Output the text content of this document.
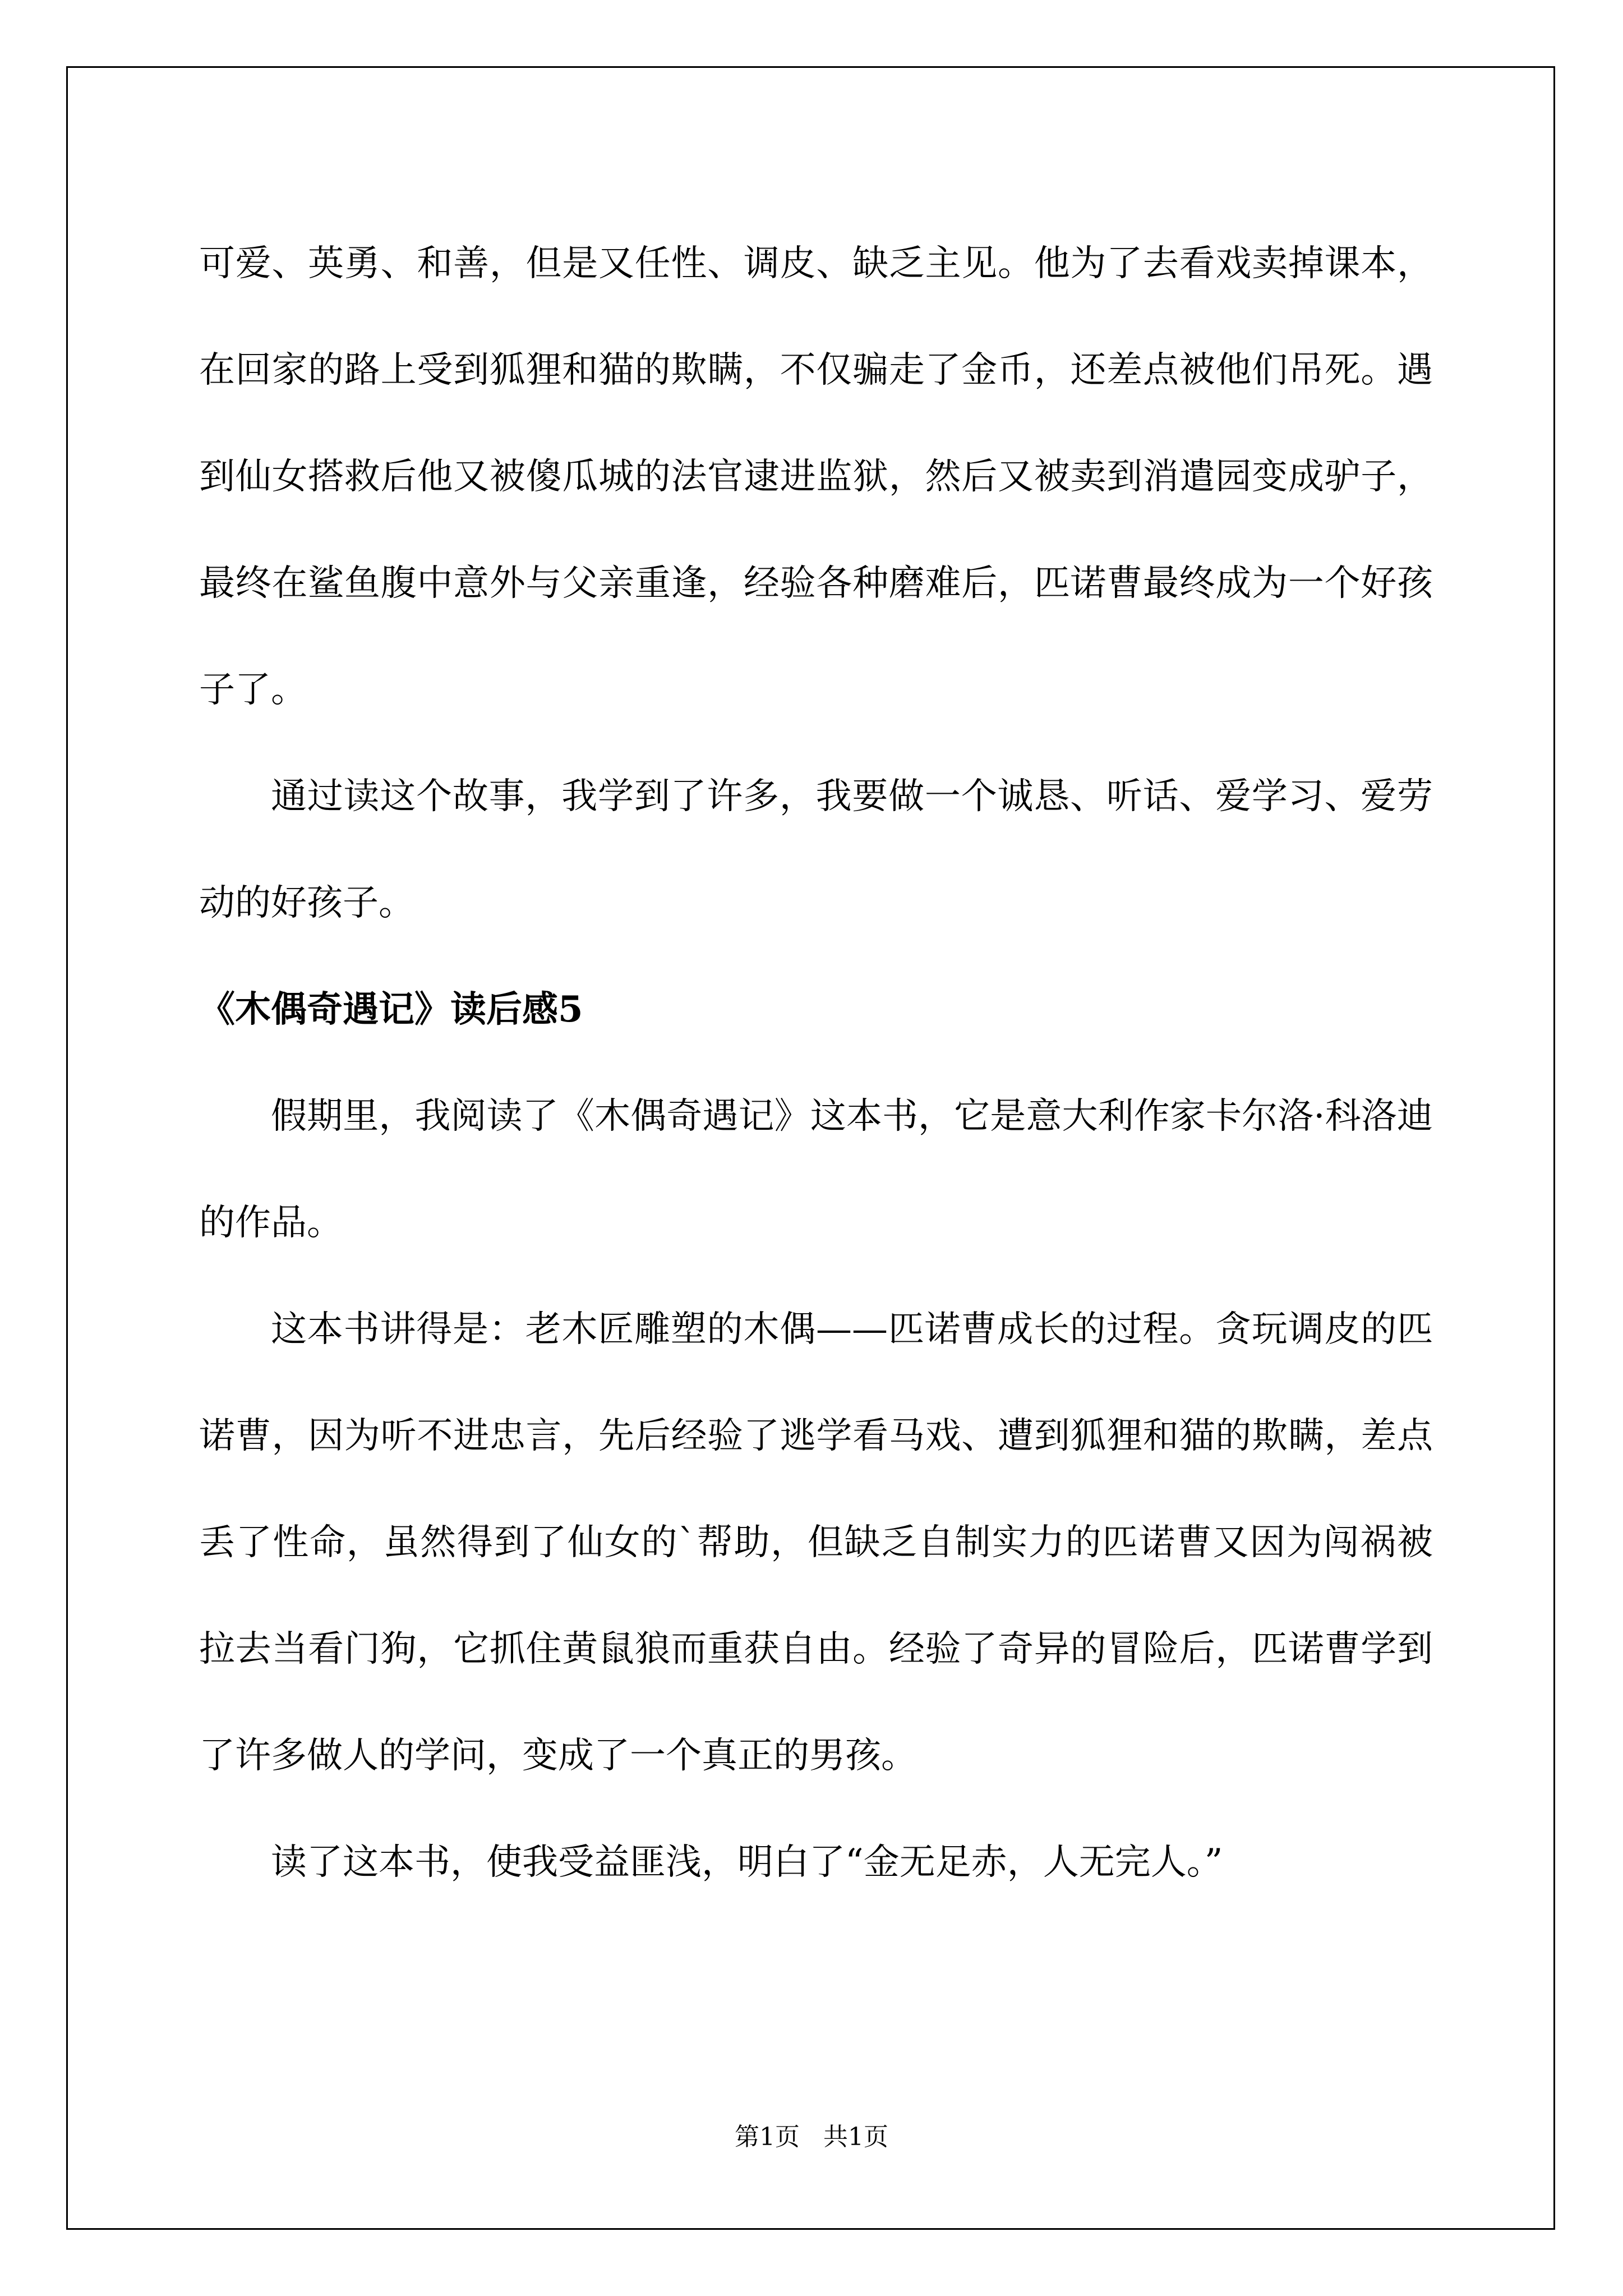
可爱、英勇、和善，但是又任性、调皮、缺乏主见。他为了去看戏卖掉课本，在回家的路上受到狐狸和猫的欺瞒，不仅骗走了金币，还差点被他们吊死。遇到仙女搭救后他又被傻瓜城的法官逮进监狱，然后又被卖到消遣园变成驴子，最终在鲨鱼腹中意外与父亲重逢，经验各种磨难后，匹诺曹最终成为一个好孩子了。

通过读这个故事，我学到了许多，我要做一个诚恳、听话、爱学习、爱劳动的好孩子。

《木偶奇遇记》读后感5

假期里，我阅读了《木偶奇遇记》这本书，它是意大利作家卡尔洛·科洛迪的作品。

这本书讲得是：老木匠雕塑的木偶——匹诺曹成长的过程。贪玩调皮的匹诺曹，因为听不进忠言，先后经验了逃学看马戏、遭到狐狸和猫的欺瞒，差点丢了性命，虽然得到了仙女的`帮助，但缺乏自制实力的匹诺曹又因为闯祸被拉去当看门狗，它抓住黄鼠狼而重获自由。经验了奇异的冒险后，匹诺曹学到了许多做人的学问，变成了一个真正的男孩。

读了这本书，使我受益匪浅，明白了“金无足赤，人无完人。”

第1页 共1页
